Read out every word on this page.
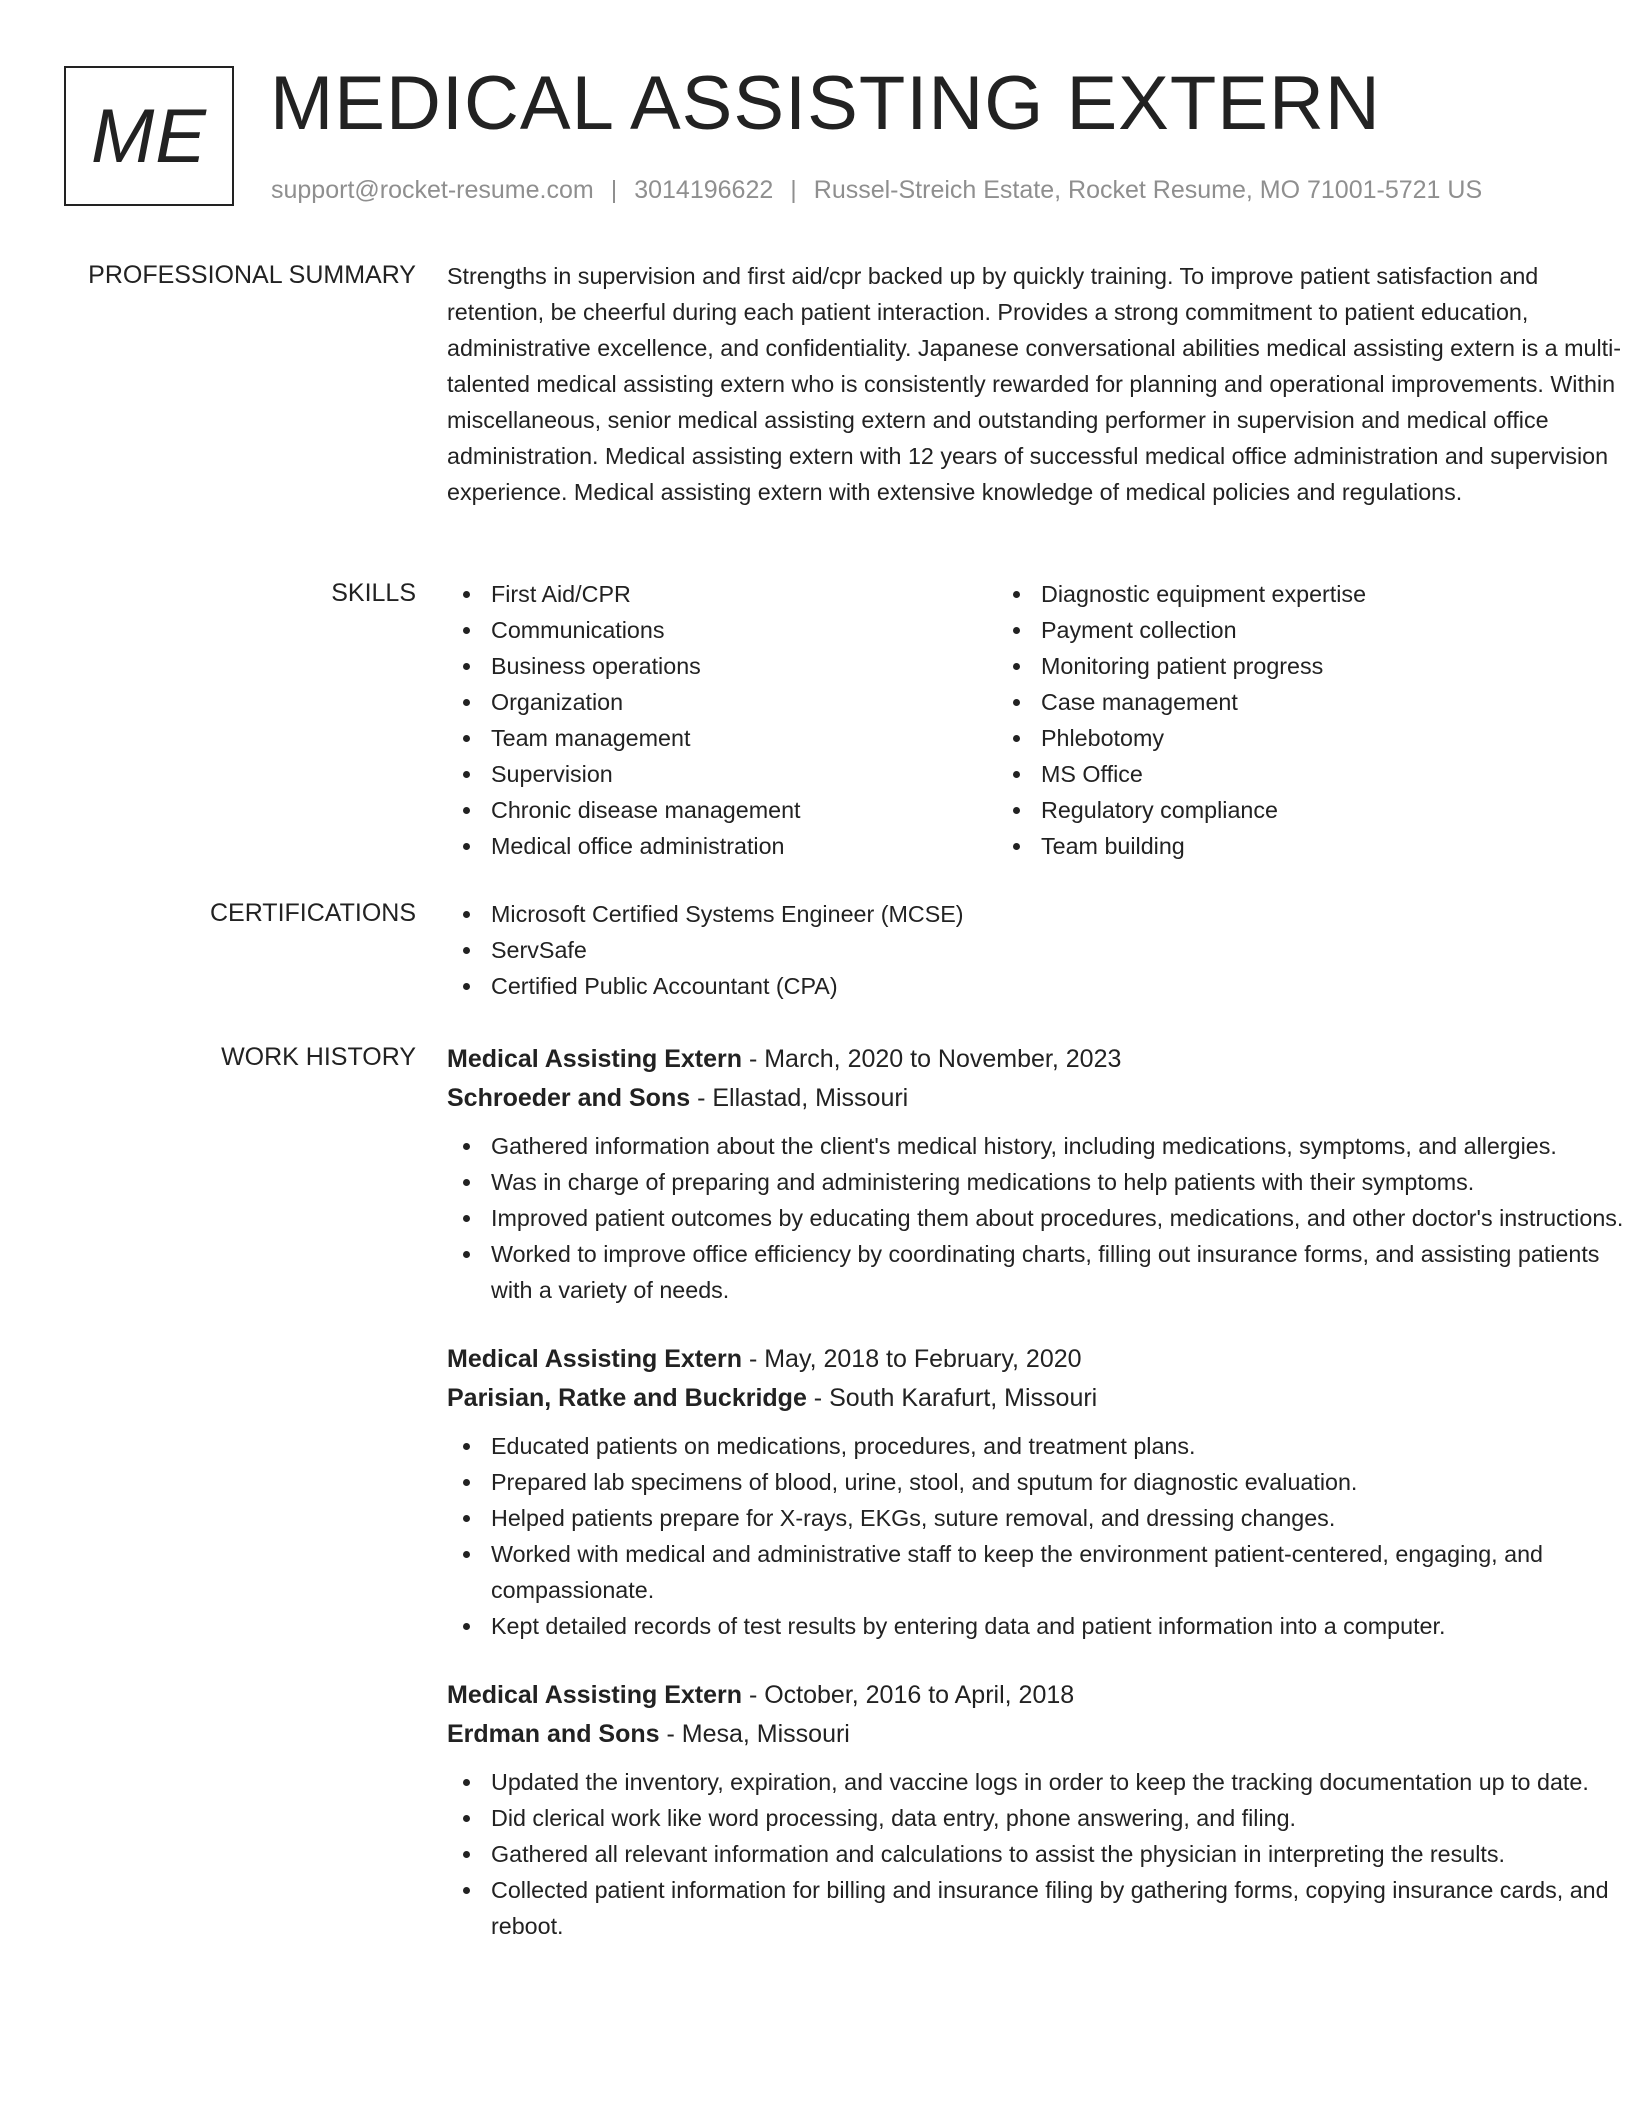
ME MEDICAL ASSISTING EXTERN
support@rocket-resume.com | 3014196622 | Russel-Streich Estate, Rocket Resume, MO 71001-5721 US
PROFESSIONAL SUMMARY Strengths in supervision and first aid/cpr backed up by quickly training. To improve patient satisfaction and retention, be cheerful during each patient interaction. Provides a strong commitment to patient education, administrative excellence, and confidentiality. Japanese conversational abilities medical assisting extern is a multi-talented medical assisting extern who is consistently rewarded for planning and operational improvements. Within miscellaneous, senior medical assisting extern and outstanding performer in supervision and medical office administration. Medical assisting extern with 12 years of successful medical office administration and supervision experience. Medical assisting extern with extensive knowledge of medical policies and regulations.

SKILLS	First Aid/CPR
Communications
Business operations
Organization
Team management
Supervision
Chronic disease management
Medical office administration
Diagnostic equipment expertise
Payment collection
Monitoring patient progress
Case management
Phlebotomy
MS Office
Regulatory compliance
Team building
CERTIFICATIONS	Microsoft Certified Systems Engineer (MCSE)
ServSafe
Certified Public Accountant (CPA)
WORK HISTORY Medical Assisting Extern - March, 2020 to November, 2023
Schroeder and Sons - Ellastad, Missouri
Gathered information about the client's medical history, including medications, symptoms, and allergies.
Was in charge of preparing and administering medications to help patients with their symptoms.
Improved patient outcomes by educating them about procedures, medications, and other doctor's instructions.
Worked to improve office efficiency by coordinating charts, filling out insurance forms, and assisting patients with a variety of needs.
Medical Assisting Extern - May, 2018 to February, 2020
Parisian, Ratke and Buckridge - South Karafurt, Missouri
Educated patients on medications, procedures, and treatment plans.
Prepared lab specimens of blood, urine, stool, and sputum for diagnostic evaluation.
Helped patients prepare for X-rays, EKGs, suture removal, and dressing changes.
Worked with medical and administrative staff to keep the environment patient-centered, engaging, and compassionate.
Kept detailed records of test results by entering data and patient information into a computer.
Medical Assisting Extern - October, 2016 to April, 2018
Erdman and Sons - Mesa, Missouri
Updated the inventory, expiration, and vaccine logs in order to keep the tracking documentation up to date.
Did clerical work like word processing, data entry, phone answering, and filing.
Gathered all relevant information and calculations to assist the physician in interpreting the results.
Collected patient information for billing and insurance filing by gathering forms, copying insurance cards, and reboot.
